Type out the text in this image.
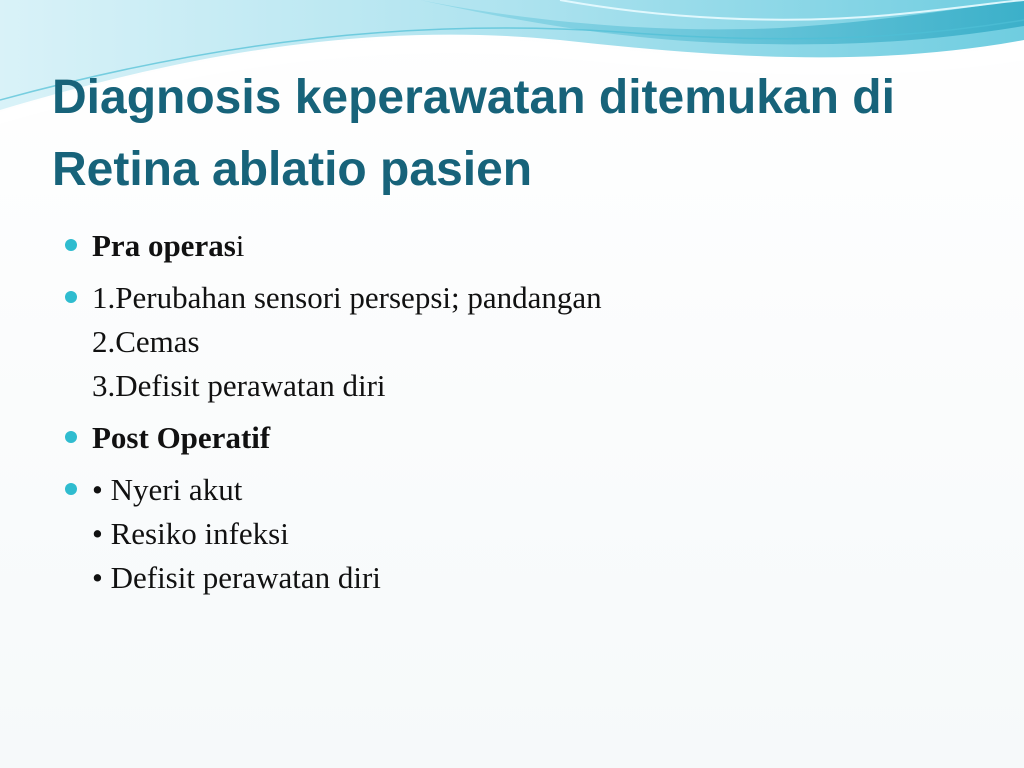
Diagnosis keperawatan ditemukan di Retina ablatio pasien
Pra operasi
1.Perubahan sensori persepsi; pandangan
2.Cemas
3.Defisit perawatan diri
Post Operatif
• Nyeri akut
• Resiko infeksi
• Defisit perawatan diri
